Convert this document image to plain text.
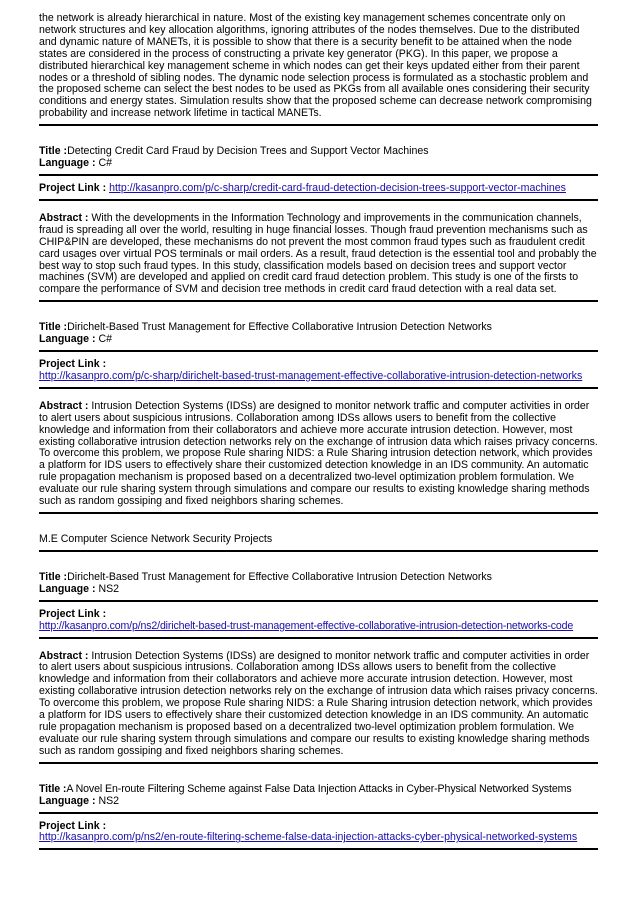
the network is already hierarchical in nature. Most of the existing key management schemes concentrate only on network structures and key allocation algorithms, ignoring attributes of the nodes themselves. Due to the distributed and dynamic nature of MANETs, it is possible to show that there is a security benefit to be attained when the node states are considered in the process of constructing a private key generator (PKG). In this paper, we propose a distributed hierarchical key management scheme in which nodes can get their keys updated either from their parent nodes or a threshold of sibling nodes. The dynamic node selection process is formulated as a stochastic problem and the proposed scheme can select the best nodes to be used as PKGs from all available ones considering their security conditions and energy states. Simulation results show that the proposed scheme can decrease network compromising probability and increase network lifetime in tactical MANETs.

Title :Detecting Credit Card Fraud by Decision Trees and Support Vector Machines

Language : C#

Project Link : http://kasanpro.com/p/c-sharp/credit-card-fraud-detection-decision-trees-support-vector-machines

Abstract : With the developments in the Information Technology and improvements in the communication channels, fraud is spreading all over the world, resulting in huge financial losses. Though fraud prevention mechanisms such as CHIP&PIN are developed, these mechanisms do not prevent the most common fraud types such as fraudulent credit card usages over virtual POS terminals or mail orders. As a result, fraud detection is the essential tool and probably the best way to stop such fraud types. In this study, classification models based on decision trees and support vector machines (SVM) are developed and applied on credit card fraud detection problem. This study is one of the firsts to compare the performance of SVM and decision tree methods in credit card fraud detection with a real data set.

Title :Dirichelt-Based Trust Management for Effective Collaborative Intrusion Detection Networks

Language : C#

Project Link :

http://kasanpro.com/p/c-sharp/dirichelt-based-trust-management-effective-collaborative-intrusion-detection-networks

Abstract : Intrusion Detection Systems (IDSs) are designed to monitor network traffic and computer activities in order to alert users about suspicious intrusions. Collaboration among IDSs allows users to benefit from the collective knowledge and information from their collaborators and achieve more accurate intrusion detection. However, most existing collaborative intrusion detection networks rely on the exchange of intrusion data which raises privacy concerns. To overcome this problem, we propose Rule sharing NIDS: a Rule Sharing intrusion detection network, which provides a platform for IDS users to effectively share their customized detection knowledge in an IDS community. An automatic rule propagation mechanism is proposed based on a decentralized two-level optimization problem formulation. We evaluate our rule sharing system through simulations and compare our results to existing knowledge sharing methods such as random gossiping and fixed neighbors sharing schemes.

M.E Computer Science Network Security Projects

Title :Dirichelt-Based Trust Management for Effective Collaborative Intrusion Detection Networks

Language : NS2

Project Link :

http://kasanpro.com/p/ns2/dirichelt-based-trust-management-effective-collaborative-intrusion-detection-networks-code

Abstract : Intrusion Detection Systems (IDSs) are designed to monitor network traffic and computer activities in order to alert users about suspicious intrusions. Collaboration among IDSs allows users to benefit from the collective knowledge and information from their collaborators and achieve more accurate intrusion detection. However, most existing collaborative intrusion detection networks rely on the exchange of intrusion data which raises privacy concerns. To overcome this problem, we propose Rule sharing NIDS: a Rule Sharing intrusion detection network, which provides a platform for IDS users to effectively share their customized detection knowledge in an IDS community. An automatic rule propagation mechanism is proposed based on a decentralized two-level optimization problem formulation. We evaluate our rule sharing system through simulations and compare our results to existing knowledge sharing methods such as random gossiping and fixed neighbors sharing schemes.

Title :A Novel En-route Filtering Scheme against False Data Injection Attacks in Cyber-Physical Networked Systems

Language : NS2

Project Link :

http://kasanpro.com/p/ns2/en-route-filtering-scheme-false-data-injection-attacks-cyber-physical-networked-systems
